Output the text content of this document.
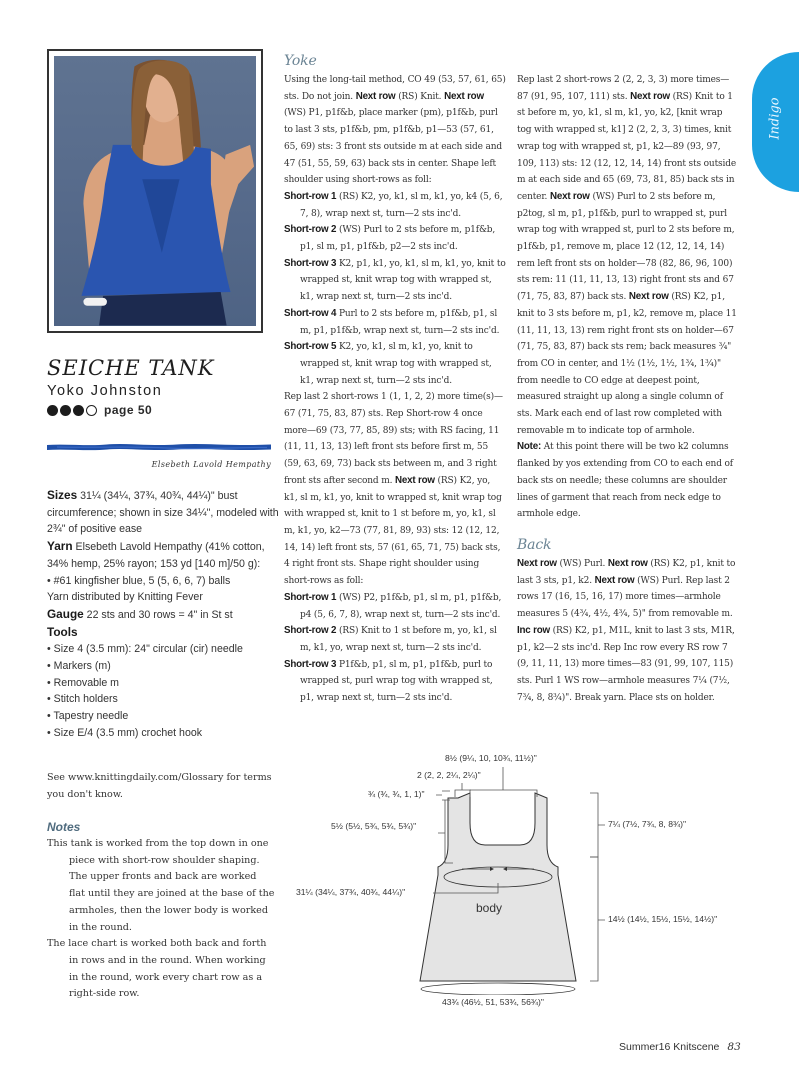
Indigo
SEICHE TANK
Yoko Johnston
page 50
Elsebeth Lavold Hempathy
Sizes 31¼ (34¼, 37¾, 40¾, 44¼)" bust circumference; shown in size 34¼", modeled with 2¾" of positive ease
Yarn Elsebeth Lavold Hempathy (41% cotton, 34% hemp, 25% rayon; 153 yd [140 m]/50 g):
• #61 kingfisher blue, 5 (5, 6, 6, 7) balls
Yarn distributed by Knitting Fever
Gauge 22 sts and 30 rows = 4" in St st
Tools
• Size 4 (3.5 mm): 24" circular (cir) needle
• Markers (m)
• Removable m
• Stitch holders
• Tapestry needle
• Size E/4 (3.5 mm) crochet hook
See www.knittingdaily.com/Glossary for terms you don't know.
Notes

This tank is worked from the top down in one piece with short-row shoulder shaping. The upper fronts and back are worked flat until they are joined at the base of the armholes, then the lower body is worked in the round.

The lace chart is worked both back and forth in rows and in the round. When working in the round, work every chart row as a right-side row.

Yoke

Using the long-tail method, CO 49 (53, 57, 61, 65) sts. Do not join. Next row (RS) Knit. Next row (WS) P1, p1f&b, place marker (pm), p1f&b, purl to last 3 sts, p1f&b, pm, p1f&b, p1—53 (57, 61, 65, 69) sts: 3 front sts outside m at each side and 47 (51, 55, 59, 63) back sts in center. Shape left shoulder using short-rows as foll:

Short-row 1 (RS) K2, yo, k1, sl m, k1, yo, k4 (5, 6, 7, 8), wrap next st, turn—2 sts inc'd.

Short-row 2 (WS) Purl to 2 sts before m, p1f&b, p1, sl m, p1, p1f&b, p2—2 sts inc'd.

Short-row 3 K2, p1, k1, yo, k1, sl m, k1, yo, knit to wrapped st, knit wrap tog with wrapped st, k1, wrap next st, turn—2 sts inc'd.

Short-row 4 Purl to 2 sts before m, p1f&b, p1, sl m, p1, p1f&b, wrap next st, turn—2 sts inc'd.

Short-row 5 K2, yo, k1, sl m, k1, yo, knit to wrapped st, knit wrap tog with wrapped st, k1, wrap next st, turn—2 sts inc'd.

Rep last 2 short-rows 1 (1, 1, 2, 2) more time(s)—67 (71, 75, 83, 87) sts. Rep Short-row 4 once more—69 (73, 77, 85, 89) sts; with RS facing, 11 (11, 11, 13, 13) left front sts before first m, 55 (59, 63, 69, 73) back sts between m, and 3 right front sts after second m. Next row (RS) K2, yo, k1, sl m, k1, yo, knit to wrapped st, knit wrap tog with wrapped st, knit to 1 st before m, yo, k1, sl m, k1, yo, k2—73 (77, 81, 89, 93) sts: 12 (12, 12, 14, 14) left front sts, 57 (61, 65, 71, 75) back sts, 4 right front sts. Shape right shoulder using short-rows as foll:

Short-row 1 (WS) P2, p1f&b, p1, sl m, p1, p1f&b, p4 (5, 6, 7, 8), wrap next st, turn—2 sts inc'd.

Short-row 2 (RS) Knit to 1 st before m, yo, k1, sl m, k1, yo, wrap next st, turn—2 sts inc'd.

Short-row 3 P1f&b, p1, sl m, p1, p1f&b, purl to wrapped st, purl wrap tog with wrapped st, p1, wrap next st, turn—2 sts inc'd.

Rep last 2 short-rows 2 (2, 2, 3, 3) more times—87 (91, 95, 107, 111) sts. Next row (RS) Knit to 1 st before m, yo, k1, sl m, k1, yo, k2, [knit wrap tog with wrapped st, k1] 2 (2, 2, 3, 3) times, knit wrap tog with wrapped st, p1, k2—89 (93, 97, 109, 113) sts: 12 (12, 12, 14, 14) front sts outside m at each side and 65 (69, 73, 81, 85) back sts in center. Next row (WS) Purl to 2 sts before m, p2tog, sl m, p1, p1f&b, purl to wrapped st, purl wrap tog with wrapped st, purl to 2 sts before m, p1f&b, p1, remove m, place 12 (12, 12, 14, 14) rem left front sts on holder—78 (82, 86, 96, 100) sts rem: 11 (11, 11, 13, 13) right front sts and 67 (71, 75, 83, 87) back sts. Next row (RS) K2, p1, knit to 3 sts before m, p1, k2, remove m, place 11 (11, 11, 13, 13) rem right front sts on holder—67 (71, 75, 83, 87) back sts rem; back measures ¾" from CO in center, and 1½ (1½, 1½, 1¾, 1¾)" from needle to CO edge at deepest point, measured straight up along a single column of sts. Mark each end of last row completed with removable m to indicate top of armhole.

Note: At this point there will be two k2 columns flanked by yos extending from CO to each end of back sts on needle; these columns are shoulder lines of garment that reach from neck edge to armhole edge.

Back

Next row (WS) Purl. Next row (RS) K2, p1, knit to last 3 sts, p1, k2. Next row (WS) Purl. Rep last 2 rows 17 (16, 15, 16, 17) more times—armhole measures 5 (4¾, 4½, 4¾, 5)" from removable m. Inc row (RS) K2, p1, M1L, knit to last 3 sts, M1R, p1, k2—2 sts inc'd. Rep Inc row every RS row 7 (9, 11, 11, 13) more times—83 (91, 99, 107, 115) sts. Purl 1 WS row—armhole measures 7¼ (7½, 7¾, 8, 8¾)". Break yarn. Place sts on holder.

body
8½ (9¼, 10, 10¾, 11½)"
2 (2, 2, 2¼, 2¼)"
¾ (¾, ¾, 1, 1)"
5½ (5½, 5¾, 5¾, 5¾)"	7¼ (7½, 7¾, 8, 8¾)"
31¼ (34¼, 37¾, 40¾, 44¼)"
14½ (14½, 15½, 15½, 14½)"
43¾ (46½, 51, 53¾, 56¾)"
Summer16 Knitscene 83
